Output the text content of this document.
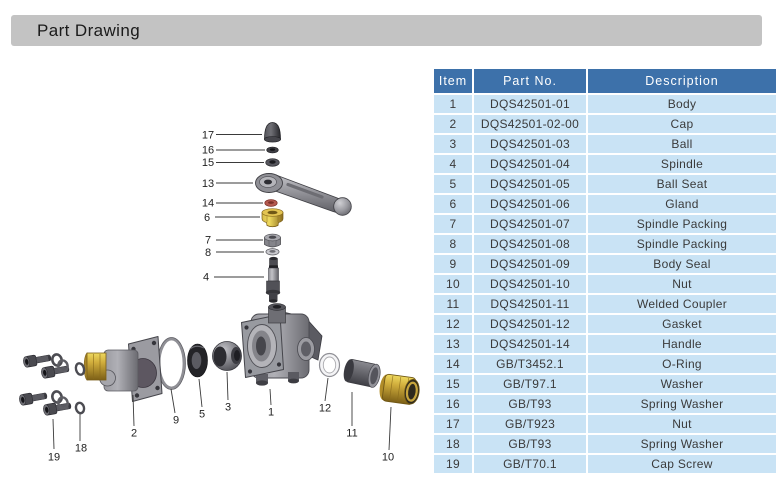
Part Drawing
17
16
15
13
14
6
7
8
4
19
18
2
9 5
3	1	12
11
10
Item	Part No.	Description
1	DQS42501-01	Body
2	DQS42501-02-00	Cap
3	DQS42501-03	Ball
4	DQS42501-04	Spindle
5	DQS42501-05	Ball Seat
6	DQS42501-06	Gland
7	DQS42501-07	Spindle Packing
8	DQS42501-08	Spindle Packing
9	DQS42501-09	Body Seal
10	DQS42501-10	Nut
11	DQS42501-11	Welded Coupler
12	DQS42501-12	Gasket
13	DQS42501-14	Handle
14	GB/T3452.1	O-Ring
15	GB/T97.1	Washer
16	GB/T93	Spring Washer
17	GB/T923	Nut
18	GB/T93	Spring Washer
19	GB/T70.1	Cap Screw
